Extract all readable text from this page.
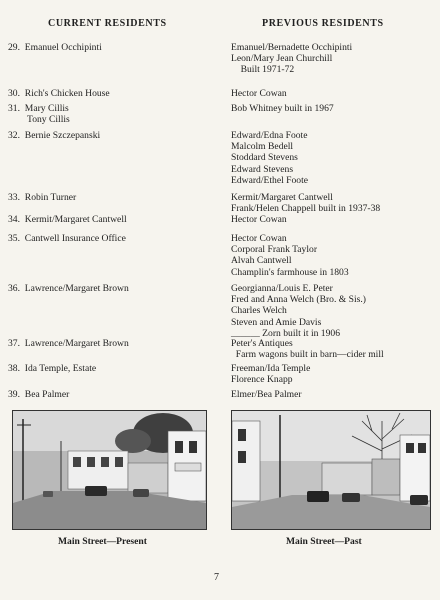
CURRENT RESIDENTS	PREVIOUS RESIDENTS
29.  Emanuel Occhipinti
30.  Rich's Chicken House
31.  Mary Cillis
Tony Cillis
32.  Bernie Szczepanski
33.  Robin Turner
34.  Kermit/Margaret Cantwell
35.  Cantwell Insurance Office
36.  Lawrence/Margaret Brown
37.  Lawrence/Margaret Brown
38.  Ida Temple, Estate
39.  Bea Palmer
Emanuel/Bernadette Occhipinti
Leon/Mary Jean Churchill
Built 1971-72
Hector Cowan
Bob Whitney built in 1967
Edward/Edna Foote
Malcolm Bedell
Stoddard Stevens
Edward Stevens
Edward/Ethel Foote
Kermit/Margaret Cantwell
Frank/Helen Chappell built in 1937-38
Hector Cowan
Hector Cowan
Corporal Frank Taylor
Alvah Cantwell
Champlin's farmhouse in 1803
Georgianna/Louis E. Peter
Fred and Anna Welch (Bro. & Sis.)
Charles Welch
Steven and Amie Davis
______ Zorn built it in 1906
Peter's Antiques
Farm wagons built in barn—cider mill
Freeman/Ida Temple
Florence Knapp
Elmer/Bea Palmer
Main Street—Present	Main Street—Past
7
